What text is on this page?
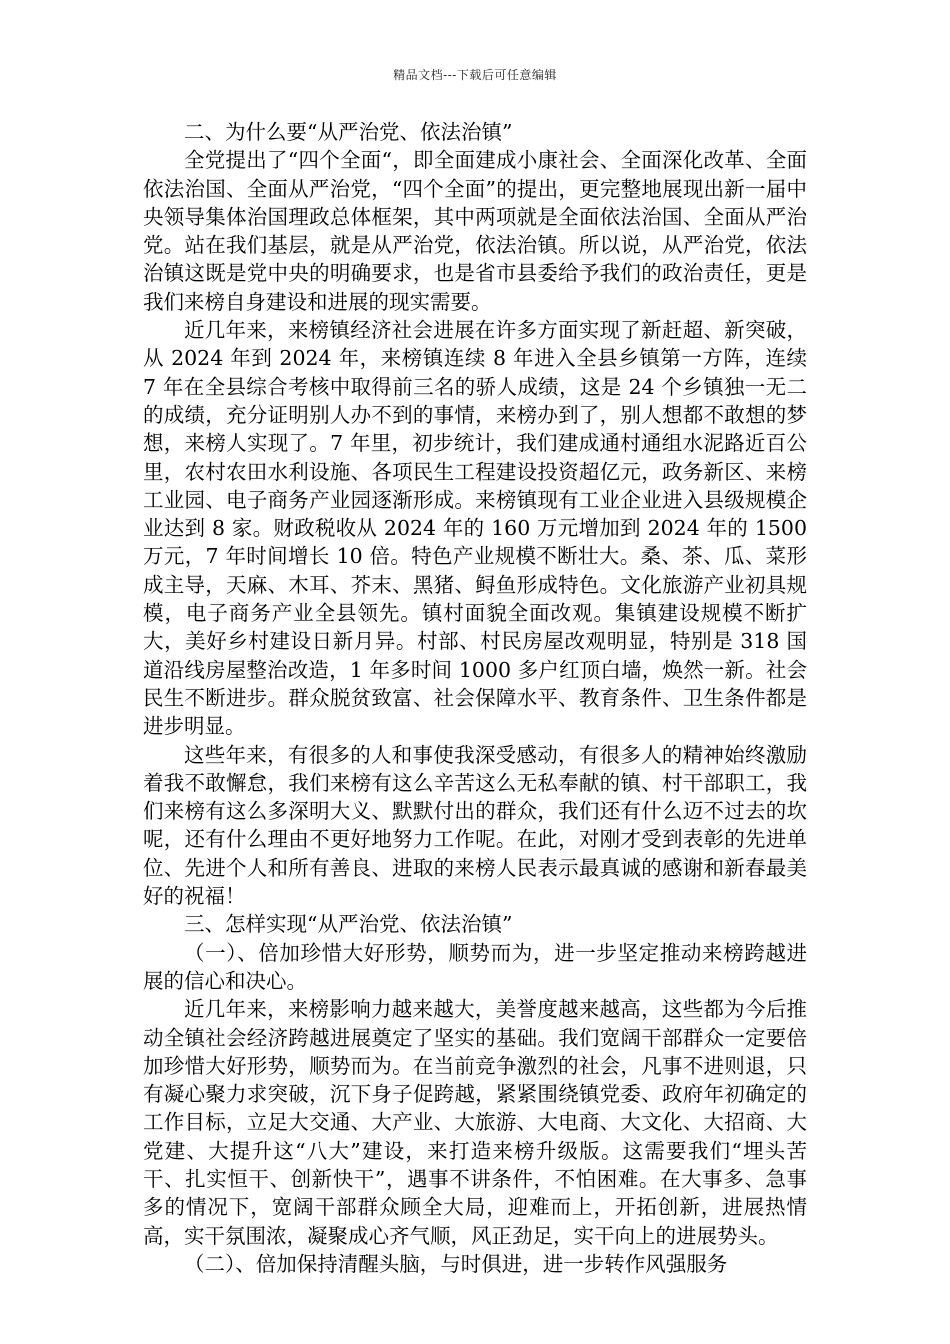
精品文档---下载后可任意编辑

二、为什么要“从严治党、依法治镇”

全党提出了“四个全面“，即全面建成小康社会、全面深化改革、全面依法治国、全面从严治党，“四个全面”的提出，更完整地展现出新一届中央领导集体治国理政总体框架，其中两项就是全面依法治国、全面从严治党。站在我们基层，就是从严治党，依法治镇。所以说，从严治党，依法治镇这既是党中央的明确要求，也是省市县委给予我们的政治责任，更是我们来榜自身建设和进展的现实需要。

近几年来，来榜镇经济社会进展在许多方面实现了新赶超、新突破，从 2024 年到 2024 年，来榜镇连续 8 年进入全县乡镇第一方阵，连续 7 年在全县综合考核中取得前三名的骄人成绩，这是 24 个乡镇独一无二的成绩，充分证明别人办不到的事情，来榜办到了，别人想都不敢想的梦想，来榜人实现了。7 年里，初步统计，我们建成通村通组水泥路近百公里，农村农田水利设施、各项民生工程建设投资超亿元，政务新区、来榜工业园、电子商务产业园逐渐形成。来榜镇现有工业企业进入县级规模企业达到 8 家。财政税收从 2024 年的 160 万元增加到 2024 年的 1500 万元，7 年时间增长 10 倍。特色产业规模不断壮大。桑、茶、瓜、菜形成主导，天麻、木耳、芥末、黑猪、鲟鱼形成特色。文化旅游产业初具规模，电子商务产业全县领先。镇村面貌全面改观。集镇建设规模不断扩大，美好乡村建设日新月异。村部、村民房屋改观明显，特别是 318 国道沿线房屋整治改造，1 年多时间 1000 多户红顶白墙，焕然一新。社会民生不断进步。群众脱贫致富、社会保障水平、教育条件、卫生条件都是进步明显。

这些年来，有很多的人和事使我深受感动，有很多人的精神始终激励着我不敢懈怠，我们来榜有这么辛苦这么无私奉献的镇、村干部职工，我们来榜有这么多深明大义、默默付出的群众，我们还有什么迈不过去的坎呢，还有什么理由不更好地努力工作呢。在此，对刚才受到表彰的先进单位、先进个人和所有善良、进取的来榜人民表示最真诚的感谢和新春最美好的祝福！

三、怎样实现“从严治党、依法治镇”

（一）、倍加珍惜大好形势，顺势而为，进一步坚定推动来榜跨越进展的信心和决心。

近几年来，来榜影响力越来越大，美誉度越来越高，这些都为今后推动全镇社会经济跨越进展奠定了坚实的基础。我们宽阔干部群众一定要倍加珍惜大好形势，顺势而为。在当前竞争激烈的社会，凡事不进则退，只有凝心聚力求突破，沉下身子促跨越，紧紧围绕镇党委、政府年初确定的工作目标，立足大交通、大产业、大旅游、大电商、大文化、大招商、大党建、大提升这“八大”建设，来打造来榜升级版。这需要我们“埋头苦干、扎实恒干、创新快干”，遇事不讲条件，不怕困难。在大事多、急事多的情况下，宽阔干部群众顾全大局，迎难而上，开拓创新，进展热情高，实干氛围浓，凝聚成心齐气顺，风正劲足，实干向上的进展势头。

（二）、倍加保持清醒头脑，与时俱进，进一步转作风强服务
